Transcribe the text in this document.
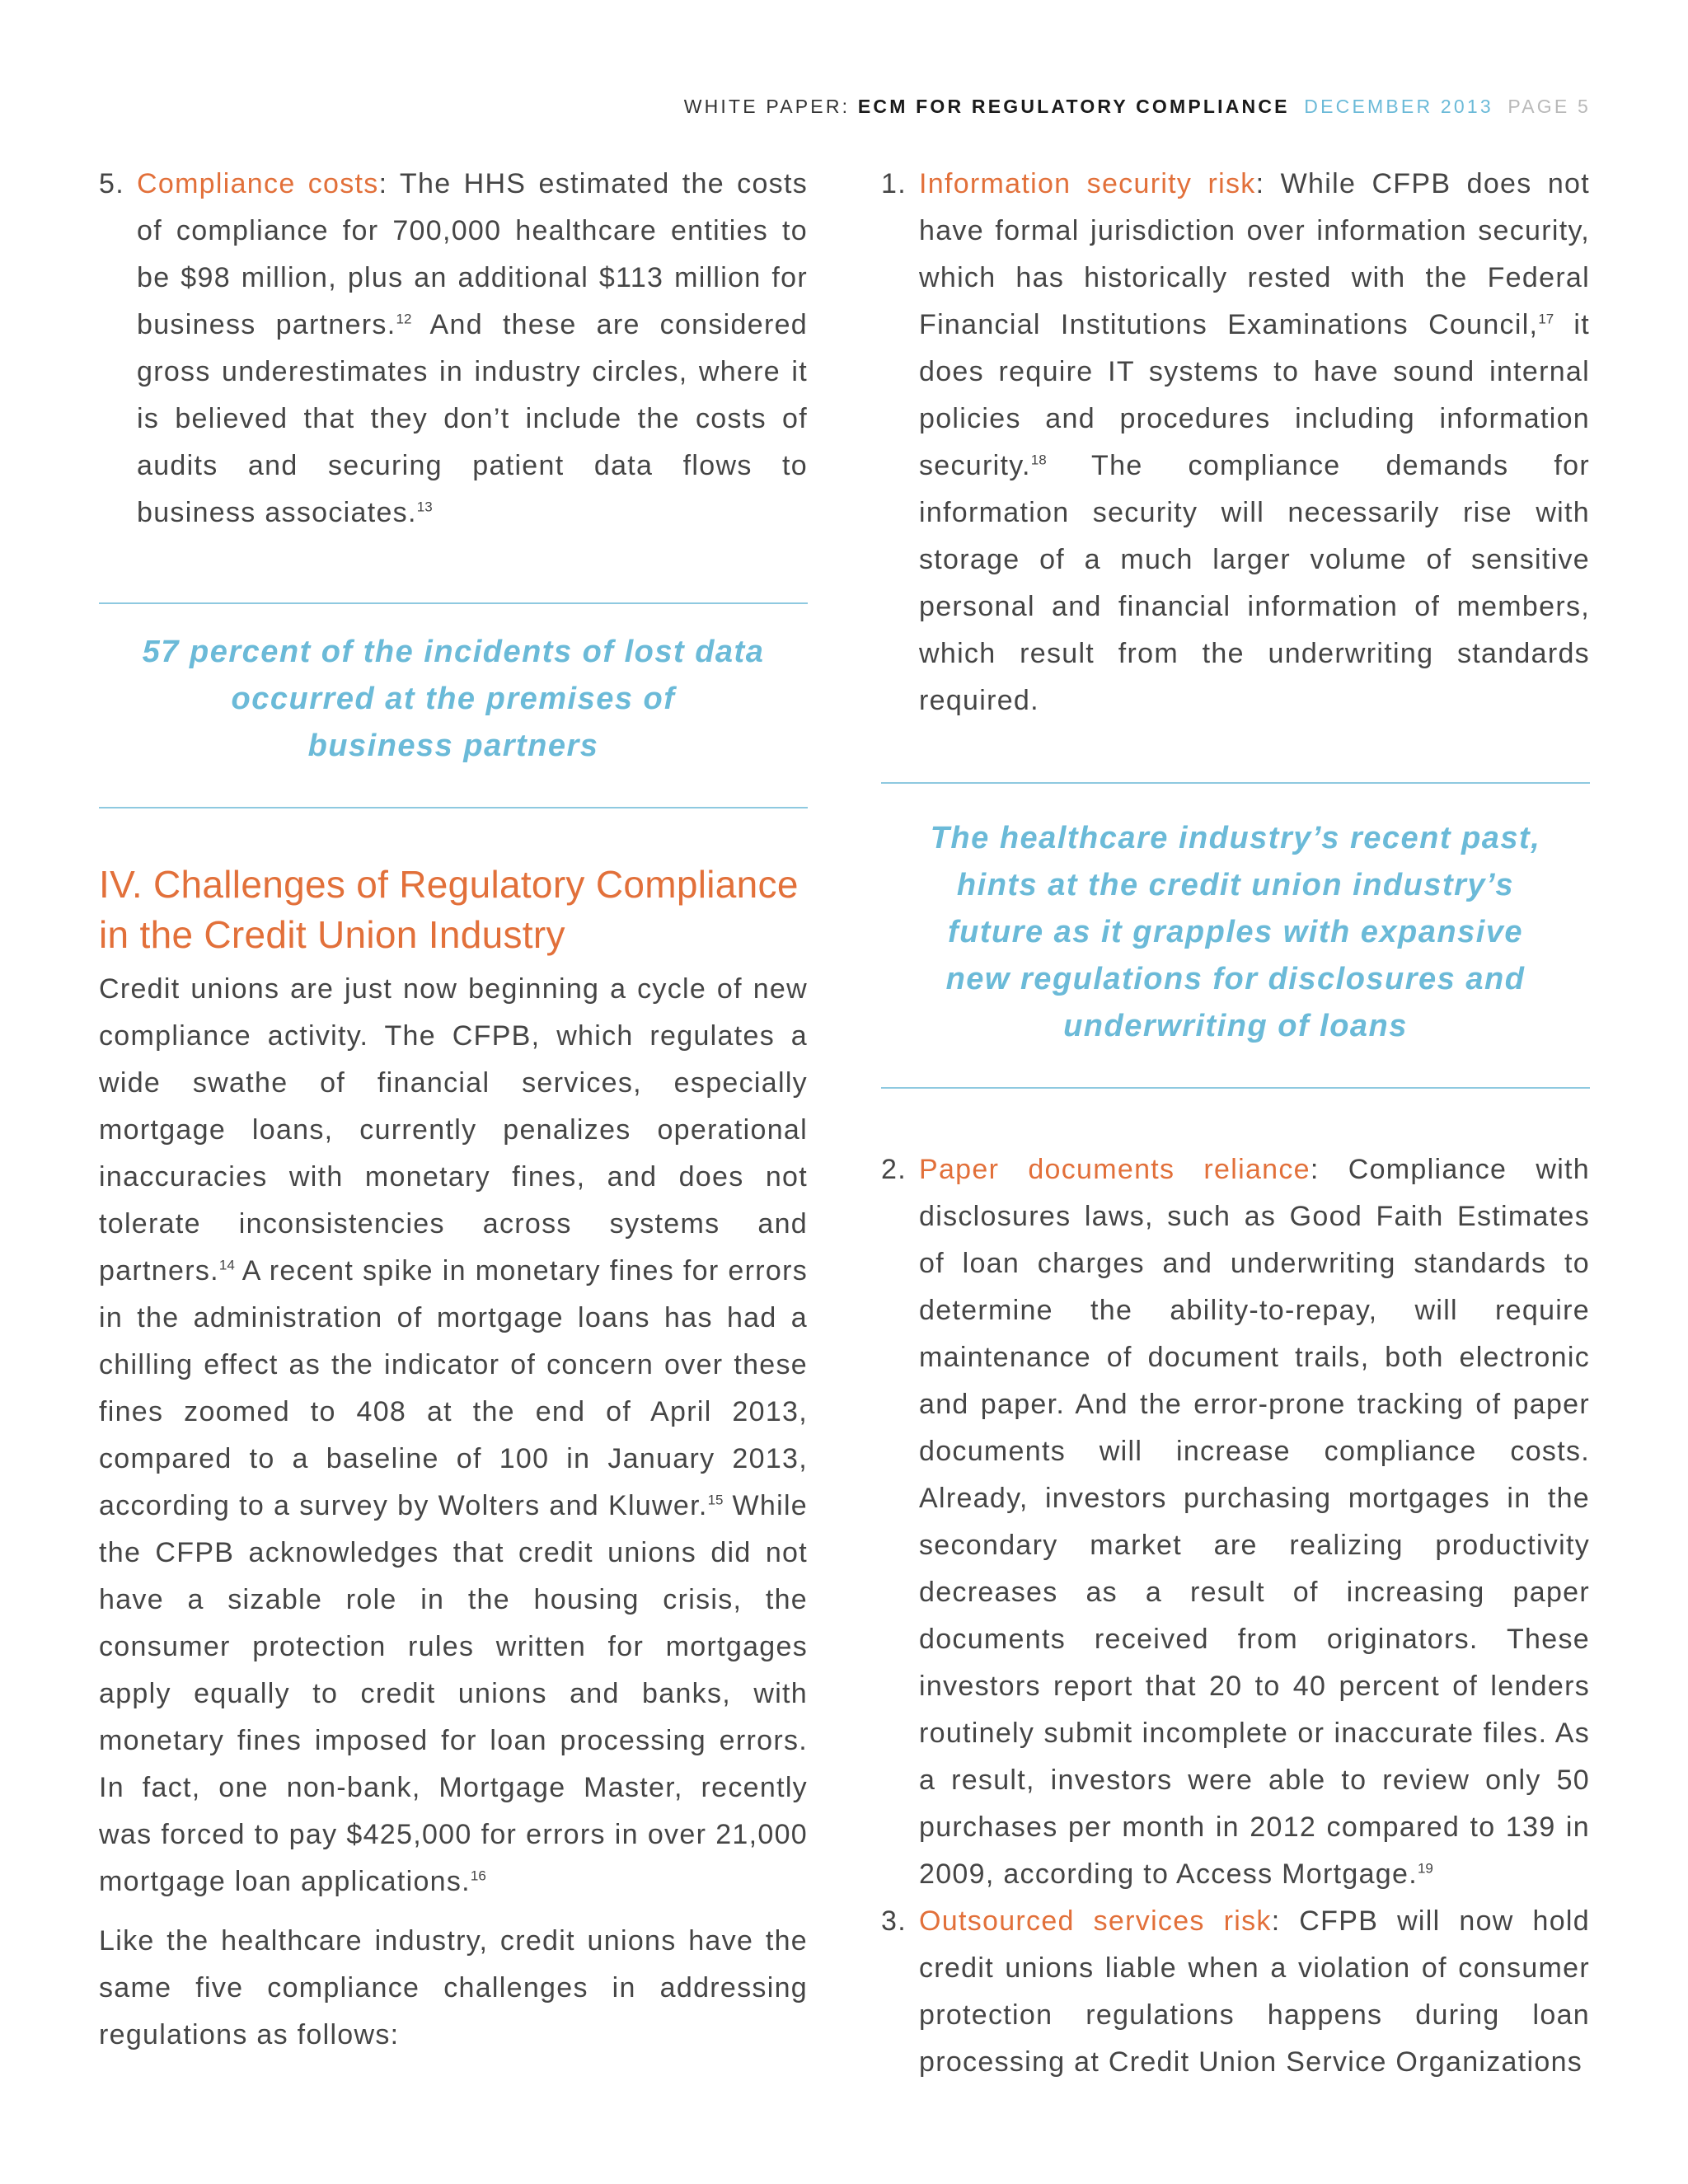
WHITE PAPER: ECM FOR REGULATORY COMPLIANCE DECEMBER 2013 PAGE 5

5. Compliance costs: The HHS estimated the costs of compliance for 700,000 healthcare entities to be $98 million, plus an additional $113 million for business partners.$^{12}$ And these are considered gross underestimates in industry circles, where it is believed that they don’t include the costs of audits and securing patient data flows to business associates.$^{13}$

57 percent of the incidents of lost data

occurred at the premises of

business partners

IV. Challenges of Regulatory Compliance

in the Credit Union Industry

Credit unions are just now beginning a cycle of new compliance activity. The CFPB, which regulates a wide swathe of financial services, especially mortgage loans, currently penalizes operational inaccuracies with monetary fines, and does not tolerate inconsistencies across systems and partners.$^{14}$ A recent spike in monetary fines for errors in the administration of mortgage loans has had a chilling effect as the indicator of concern over these fines zoomed to 408 at the end of April 2013, compared to a baseline of 100 in January 2013, according to a survey by Wolters and Kluwer.$^{15}$ While the CFPB acknowledges that credit unions did not have a sizable role in the housing crisis, the consumer protection rules written for mortgages apply equally to credit unions and banks, with monetary fines imposed for loan processing errors. In fact, one non-bank, Mortgage Master, recently was forced to pay $425,000 for errors in over 21,000 mortgage loan applications.$^{16}$

Like the healthcare industry, credit unions have the same five compliance challenges in addressing regulations as follows:

1. Information security risk: While CFPB does not have formal jurisdiction over information security, which has historically rested with the Federal Financial Institutions Examinations Council,$^{17}$ it does require IT systems to have sound internal policies and procedures including information security.$^{18}$ The compliance demands for information security will necessarily rise with storage of a much larger volume of sensitive personal and financial information of members, which result from the underwriting standards required.

The healthcare industry’s recent past,

hints at the credit union industry’s

future as it grapples with expansive

new regulations for disclosures and

underwriting of loans

2. Paper documents reliance: Compliance with disclosures laws, such as Good Faith Estimates of loan charges and underwriting standards to determine the ability-to-repay, will require maintenance of document trails, both electronic and paper. And the error-prone tracking of paper documents will increase compliance costs. Already, investors purchasing mortgages in the secondary market are realizing productivity decreases as a result of increasing paper documents received from originators. These investors report that 20 to 40 percent of lenders routinely submit incomplete or inaccurate files. As a result, investors were able to review only 50 purchases per month in 2012 compared to 139 in 2009, according to Access Mortgage.$^{19}$

3. Outsourced services risk: CFPB will now hold credit unions liable when a violation of consumer protection regulations happens during loan processing at Credit Union Service Organizations
